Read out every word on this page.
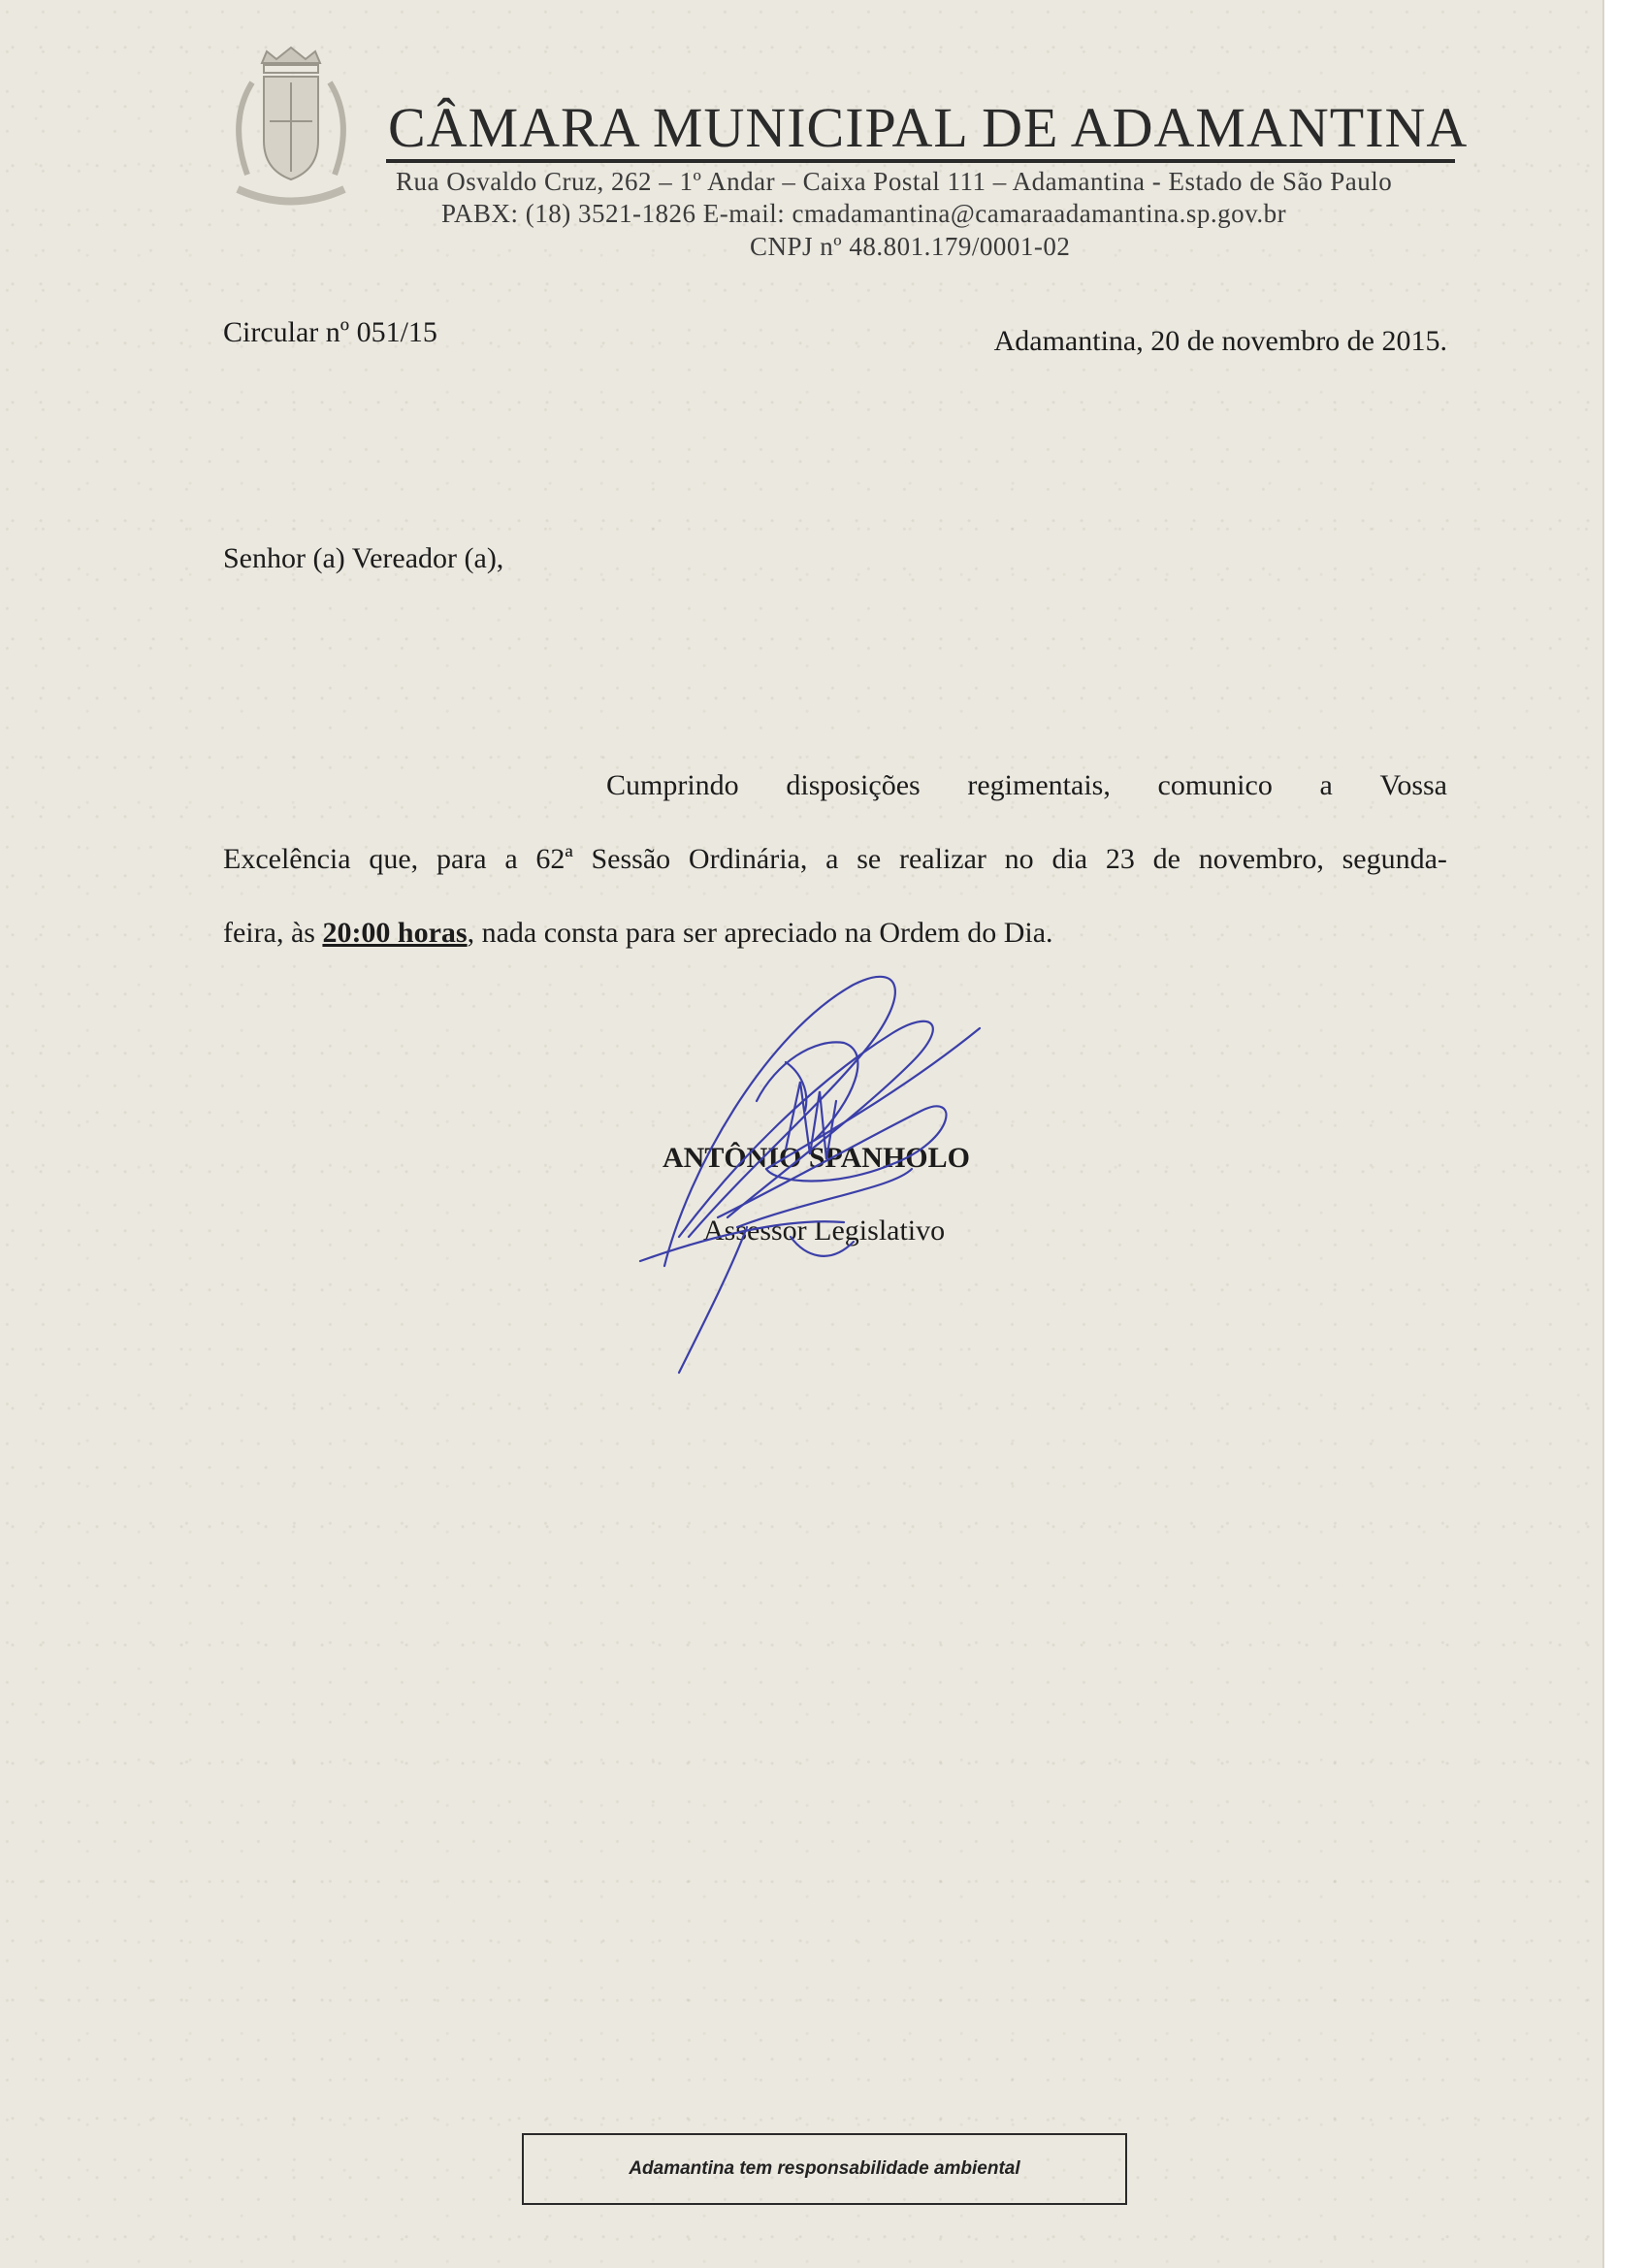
CÂMARA MUNICIPAL DE ADAMANTINA
Rua Osvaldo Cruz, 262 – 1º Andar – Caixa Postal 111 – Adamantina - Estado de São Paulo
PABX: (18) 3521-1826 E-mail: cmadamantina@camaraadamantina.sp.gov.br
CNPJ nº 48.801.179/0001-02
Circular nº 051/15	Adamantina, 20 de novembro de 2015.
Senhor (a) Vereador (a),
Cumprindo disposições regimentais, comunico a Vossa
Excelência que, para a 62ª Sessão Ordinária, a se realizar no dia 23 de novembro, segunda-
feira, às 20:00 horas, nada consta para ser apreciado na Ordem do Dia.
ANTÔNIO SPANHOLO
Assessor Legislativo
Adamantina tem responsabilidade ambiental
